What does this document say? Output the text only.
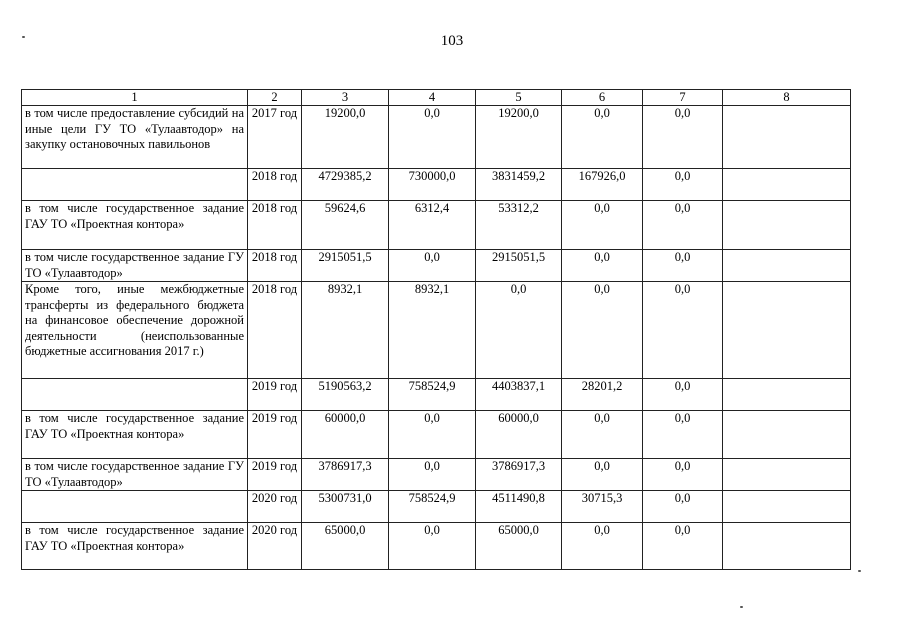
103
1	2	3	4	5	6	7	8
в том числе предоставление субсидий на иные цели ГУ ТО «Тулаавтодор» на закупку остановочных павильонов	2017 год	19200,0	0,0	19200,0	0,0	0,0	
	2018 год	4729385,2	730000,0	3831459,2	167926,0	0,0	
в том числе государственное задание ГАУ ТО «Проектная контора»	2018 год	59624,6	6312,4	53312,2	0,0	0,0	
в том числе государственное задание ГУ ТО «Тулаавтодор»	2018 год	2915051,5	0,0	2915051,5	0,0	0,0	
Кроме того, иные межбюджетные трансферты из федерального бюджета на финансовое обеспечение дорожной деятельности (неиспользованные бюджетные ассигнования 2017 г.)	2018 год	8932,1	8932,1	0,0	0,0	0,0	
	2019 год	5190563,2	758524,9	4403837,1	28201,2	0,0	
в том числе государственное задание ГАУ ТО «Проектная контора»	2019 год	60000,0	0,0	60000,0	0,0	0,0	
в том числе государственное задание ГУ ТО «Тулаавтодор»	2019 год	3786917,3	0,0	3786917,3	0,0	0,0	
	2020 год	5300731,0	758524,9	4511490,8	30715,3	0,0	
в том числе государственное задание ГАУ ТО «Проектная контора»	2020 год	65000,0	0,0	65000,0	0,0	0,0	
